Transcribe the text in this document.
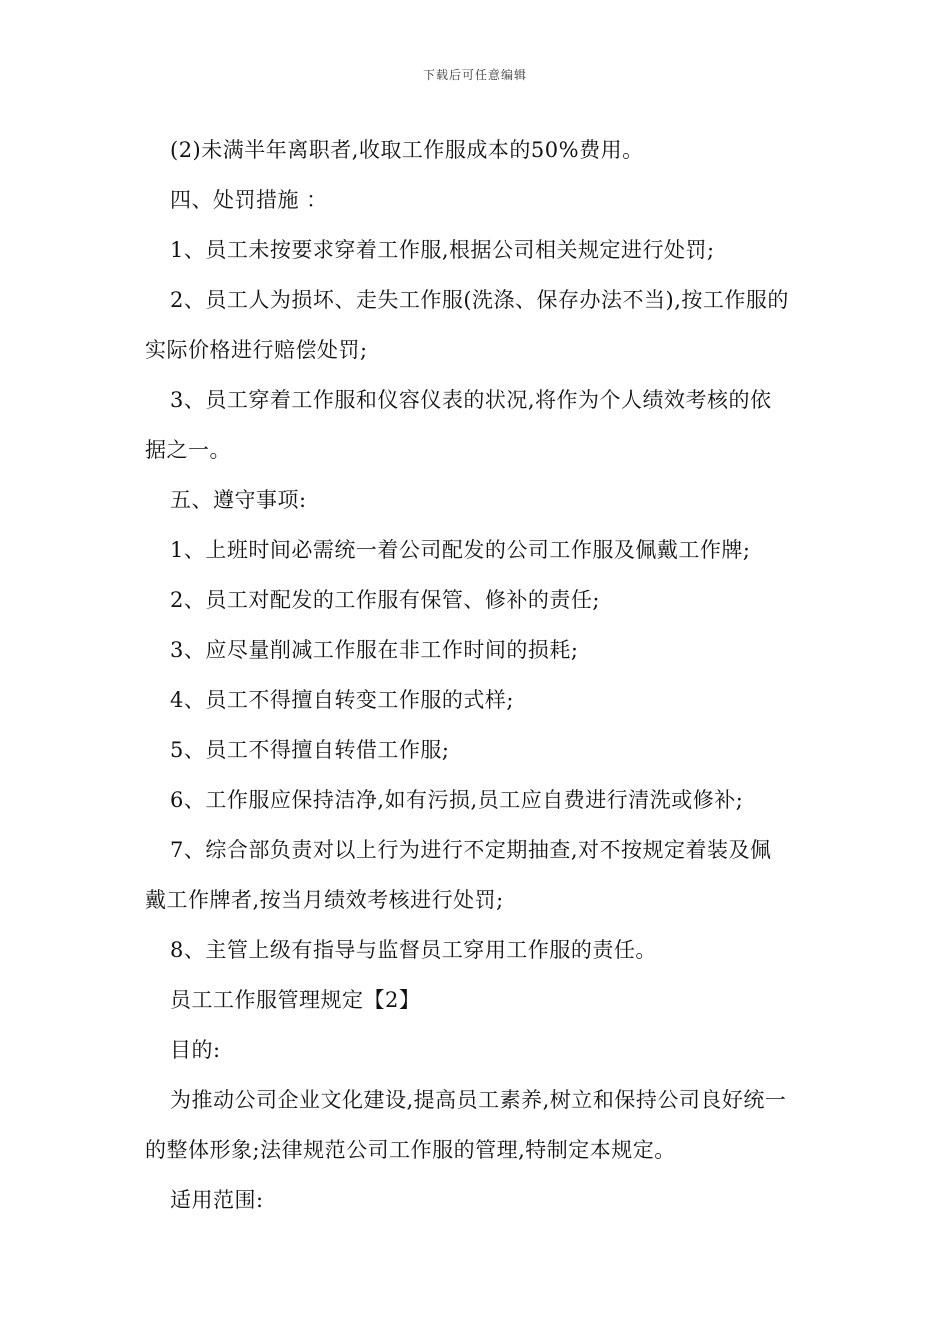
下载后可任意编辑
(2)未满半年离职者,收取工作服成本的50%费用。
四、处罚措施 ：
1、员工未按要求穿着工作服,根据公司相关规定进行处罚;
2、员工人为损坏、走失工作服(洗涤、保存办法不当),按工作服的
实际价格进行赔偿处罚;
3、员工穿着工作服和仪容仪表的状况,将作为个人绩效考核的依
据之一。
五、遵守事项:
1、上班时间必需统一着公司配发的公司工作服及佩戴工作牌;
2、员工对配发的工作服有保管、修补的责任;
3、应尽量削减工作服在非工作时间的损耗;
4、员工不得擅自转变工作服的式样;
5、员工不得擅自转借工作服;
6、工作服应保持洁净,如有污损,员工应自费进行清洗或修补;
7、综合部负责对以上行为进行不定期抽查,对不按规定着装及佩
戴工作牌者,按当月绩效考核进行处罚;
8、主管上级有指导与监督员工穿用工作服的责任。
员工工作服管理规定【2】
目的:
为推动公司企业文化建设,提高员工素养,树立和保持公司良好统一
的整体形象;法律规范公司工作服的管理,特制定本规定。
适用范围:
